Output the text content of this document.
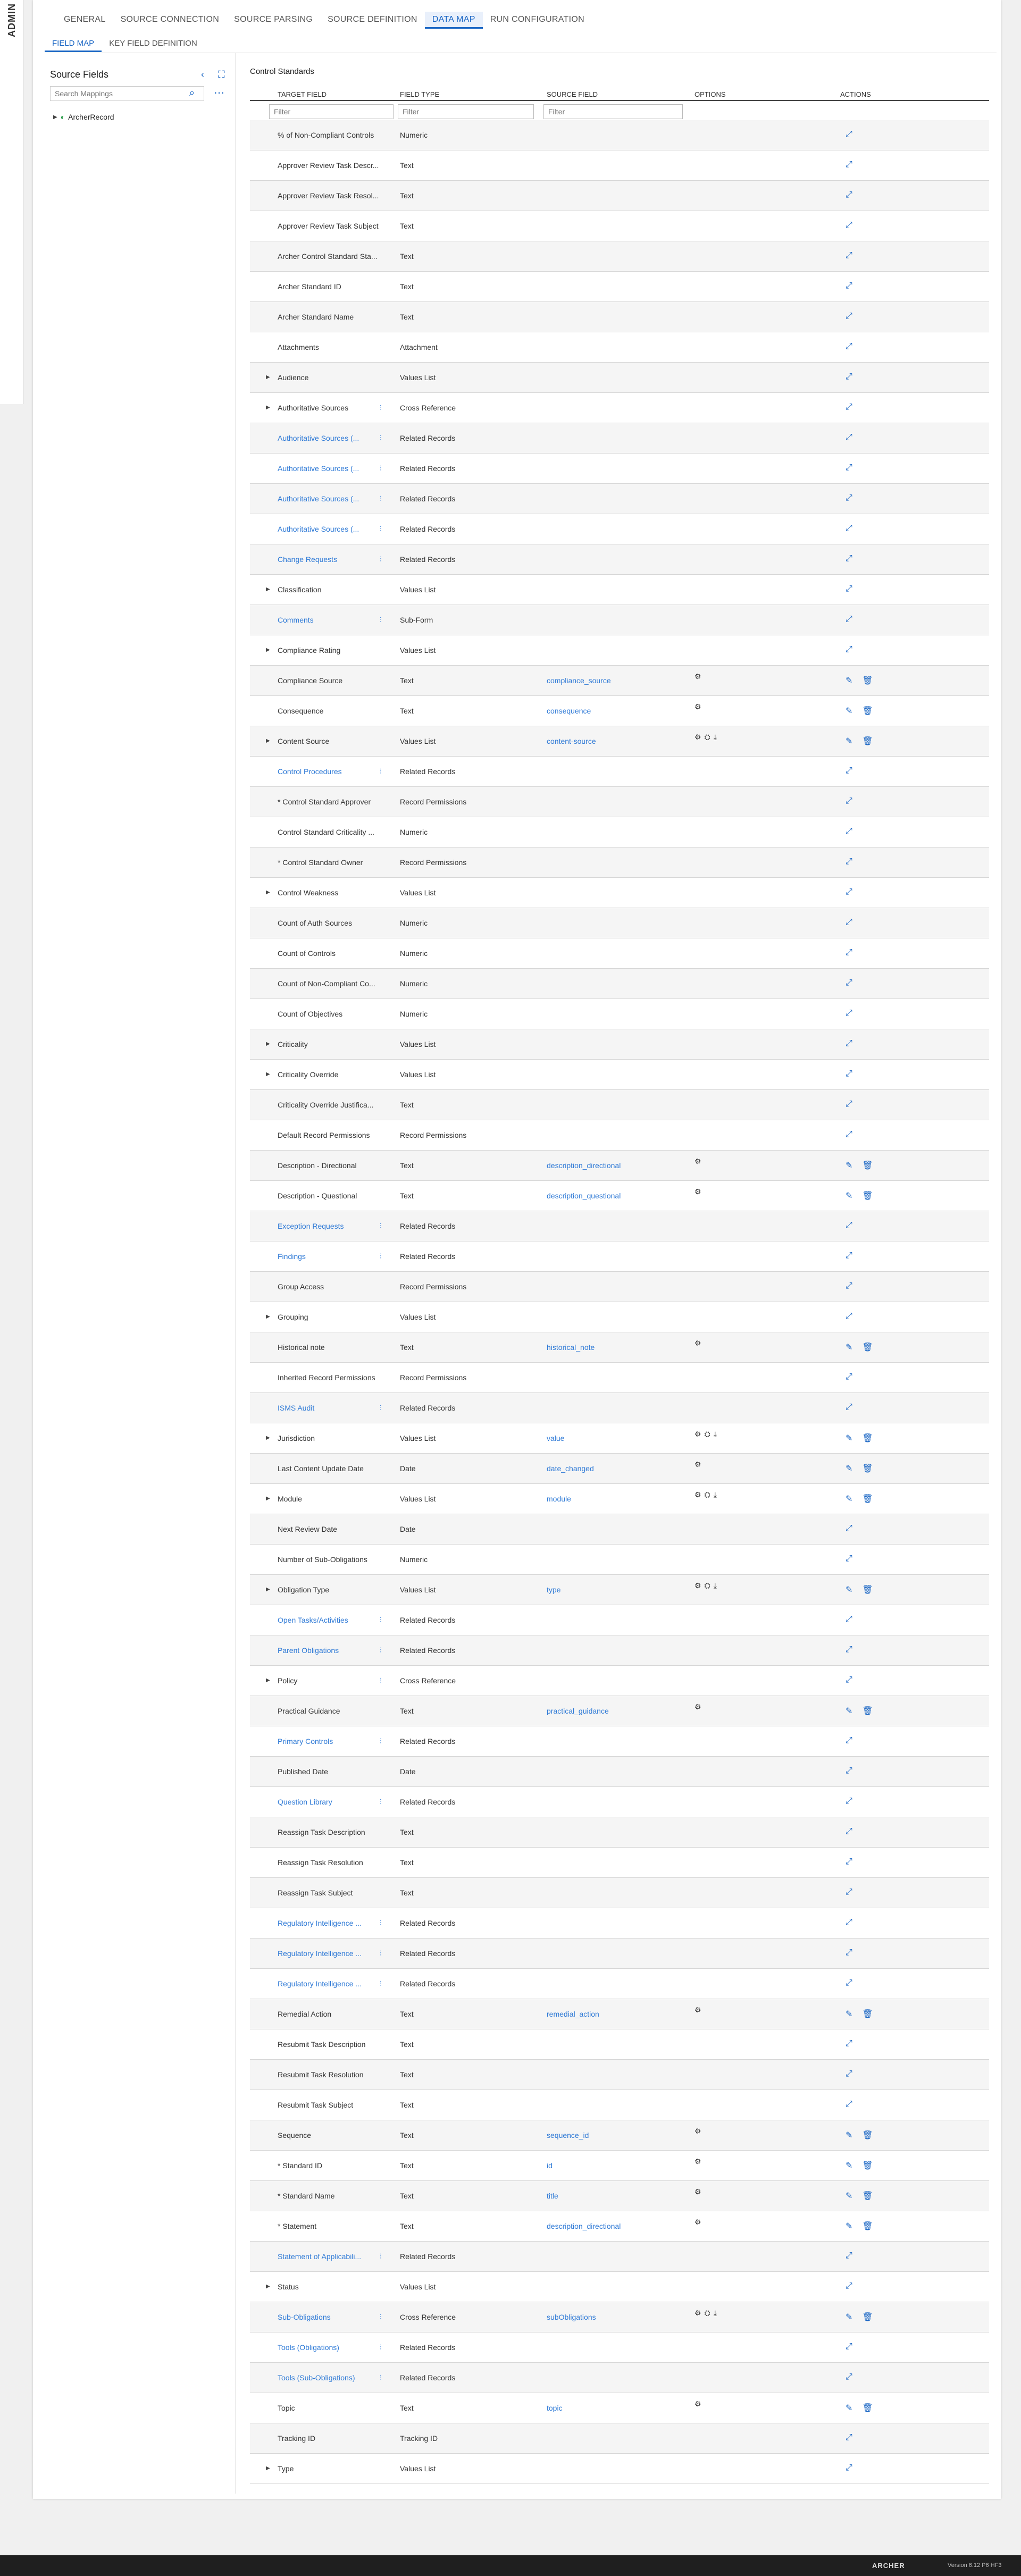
ADMIN	GENERAL	SOURCE CONNECTION	SOURCE PARSING	SOURCE DEFINITION	DATA MAP	RUN CONFIGURATION
FIELD MAP	KEY FIELD DEFINITION
Source Fields	‹ ⛶
Search Mappings
⌕ ⋯
▶ ◐ ArcherRecord
Control Standards
TARGET FIELD	FIELD TYPE	SOURCE FIELD	OPTIONS	ACTIONS
Filter
Filter
Filter
% of Non-Compliant Controls	Numeric	⤢
Approver Review Task Descr...	Text	⤢
Approver Review Task Resol...	Text	⤢
Approver Review Task Subject	Text	⤢
Archer Control Standard Sta...	Text	⤢
Archer Standard ID	Text	⤢
Archer Standard Name	Text	⤢
Attachments	Attachment	⤢
▶	Audience	Values List	⤢
▶	Authoritative Sources	⫶	Cross Reference	⤢
Authoritative Sources (...	⫶	Related Records	⤢
Authoritative Sources (...	⫶	Related Records	⤢
Authoritative Sources (...	⫶	Related Records	⤢
Authoritative Sources (...	⫶	Related Records	⤢
Change Requests	⫶	Related Records	⤢
▶	Classification	Values List	⤢
Comments	⫶	Sub-Form	⤢
▶	Compliance Rating	Values List	⤢
Compliance Source	Text	compliance_source	⚙	✎ 🗑
Consequence	Text	consequence	⚙	✎ 🗑
▶	Content Source	Values List	content-source	⚙⛭⤓	✎ 🗑
Control Procedures	⫶	Related Records	⤢
* Control Standard Approver	Record Permissions	⤢
Control Standard Criticality ...	Numeric	⤢
* Control Standard Owner	Record Permissions	⤢
▶	Control Weakness	Values List	⤢
Count of Auth Sources	Numeric	⤢
Count of Controls	Numeric	⤢
Count of Non-Compliant Co...	Numeric	⤢
Count of Objectives	Numeric	⤢
▶	Criticality	Values List	⤢
▶	Criticality Override	Values List	⤢
Criticality Override Justifica...	Text	⤢
Default Record Permissions	Record Permissions	⤢
Description - Directional	Text	description_directional	⚙	✎ 🗑
Description - Questional	Text	description_questional	⚙	✎ 🗑
Exception Requests	⫶	Related Records	⤢
Findings	⫶	Related Records	⤢
Group Access	Record Permissions	⤢
▶	Grouping	Values List	⤢
Historical note	Text	historical_note	⚙	✎ 🗑
Inherited Record Permissions	Record Permissions	⤢
ISMS Audit	⫶	Related Records	⤢
▶	Jurisdiction	Values List	value	⚙⛭⤓	✎ 🗑
Last Content Update Date	Date	date_changed	⚙	✎ 🗑
▶	Module	Values List	module	⚙⛭⤓	✎ 🗑
Next Review Date	Date	⤢
Number of Sub-Obligations	Numeric	⤢
▶	Obligation Type	Values List	type	⚙⛭⤓	✎ 🗑
Open Tasks/Activities	⫶	Related Records	⤢
Parent Obligations	⫶	Related Records	⤢
▶	Policy	⫶	Cross Reference	⤢
Practical Guidance	Text	practical_guidance	⚙	✎ 🗑
Primary Controls	⫶	Related Records	⤢
Published Date	Date	⤢
Question Library	⫶	Related Records	⤢
Reassign Task Description	Text	⤢
Reassign Task Resolution	Text	⤢
Reassign Task Subject	Text	⤢
Regulatory Intelligence ...	⫶	Related Records	⤢
Regulatory Intelligence ...	⫶	Related Records	⤢
Regulatory Intelligence ...	⫶	Related Records	⤢
Remedial Action	Text	remedial_action	⚙	✎ 🗑
Resubmit Task Description	Text	⤢
Resubmit Task Resolution	Text	⤢
Resubmit Task Subject	Text	⤢
Sequence	Text	sequence_id	⚙	✎ 🗑
* Standard ID	Text	id	⚙	✎ 🗑
* Standard Name	Text	title	⚙	✎ 🗑
* Statement	Text	description_directional	⚙	✎ 🗑
Statement of Applicabili...	⫶	Related Records	⤢
▶	Status	Values List	⤢
Sub-Obligations	⫶	Cross Reference	subObligations	⚙⛭⤓	✎ 🗑
Tools (Obligations)	⫶	Related Records	⤢
Tools (Sub-Obligations)	⫶	Related Records	⤢
Topic	Text	topic	⚙	✎ 🗑
Tracking ID	Tracking ID	⤢
▶	Type	Values List	⤢
ARCHER	Version 6.12 P6 HF3
